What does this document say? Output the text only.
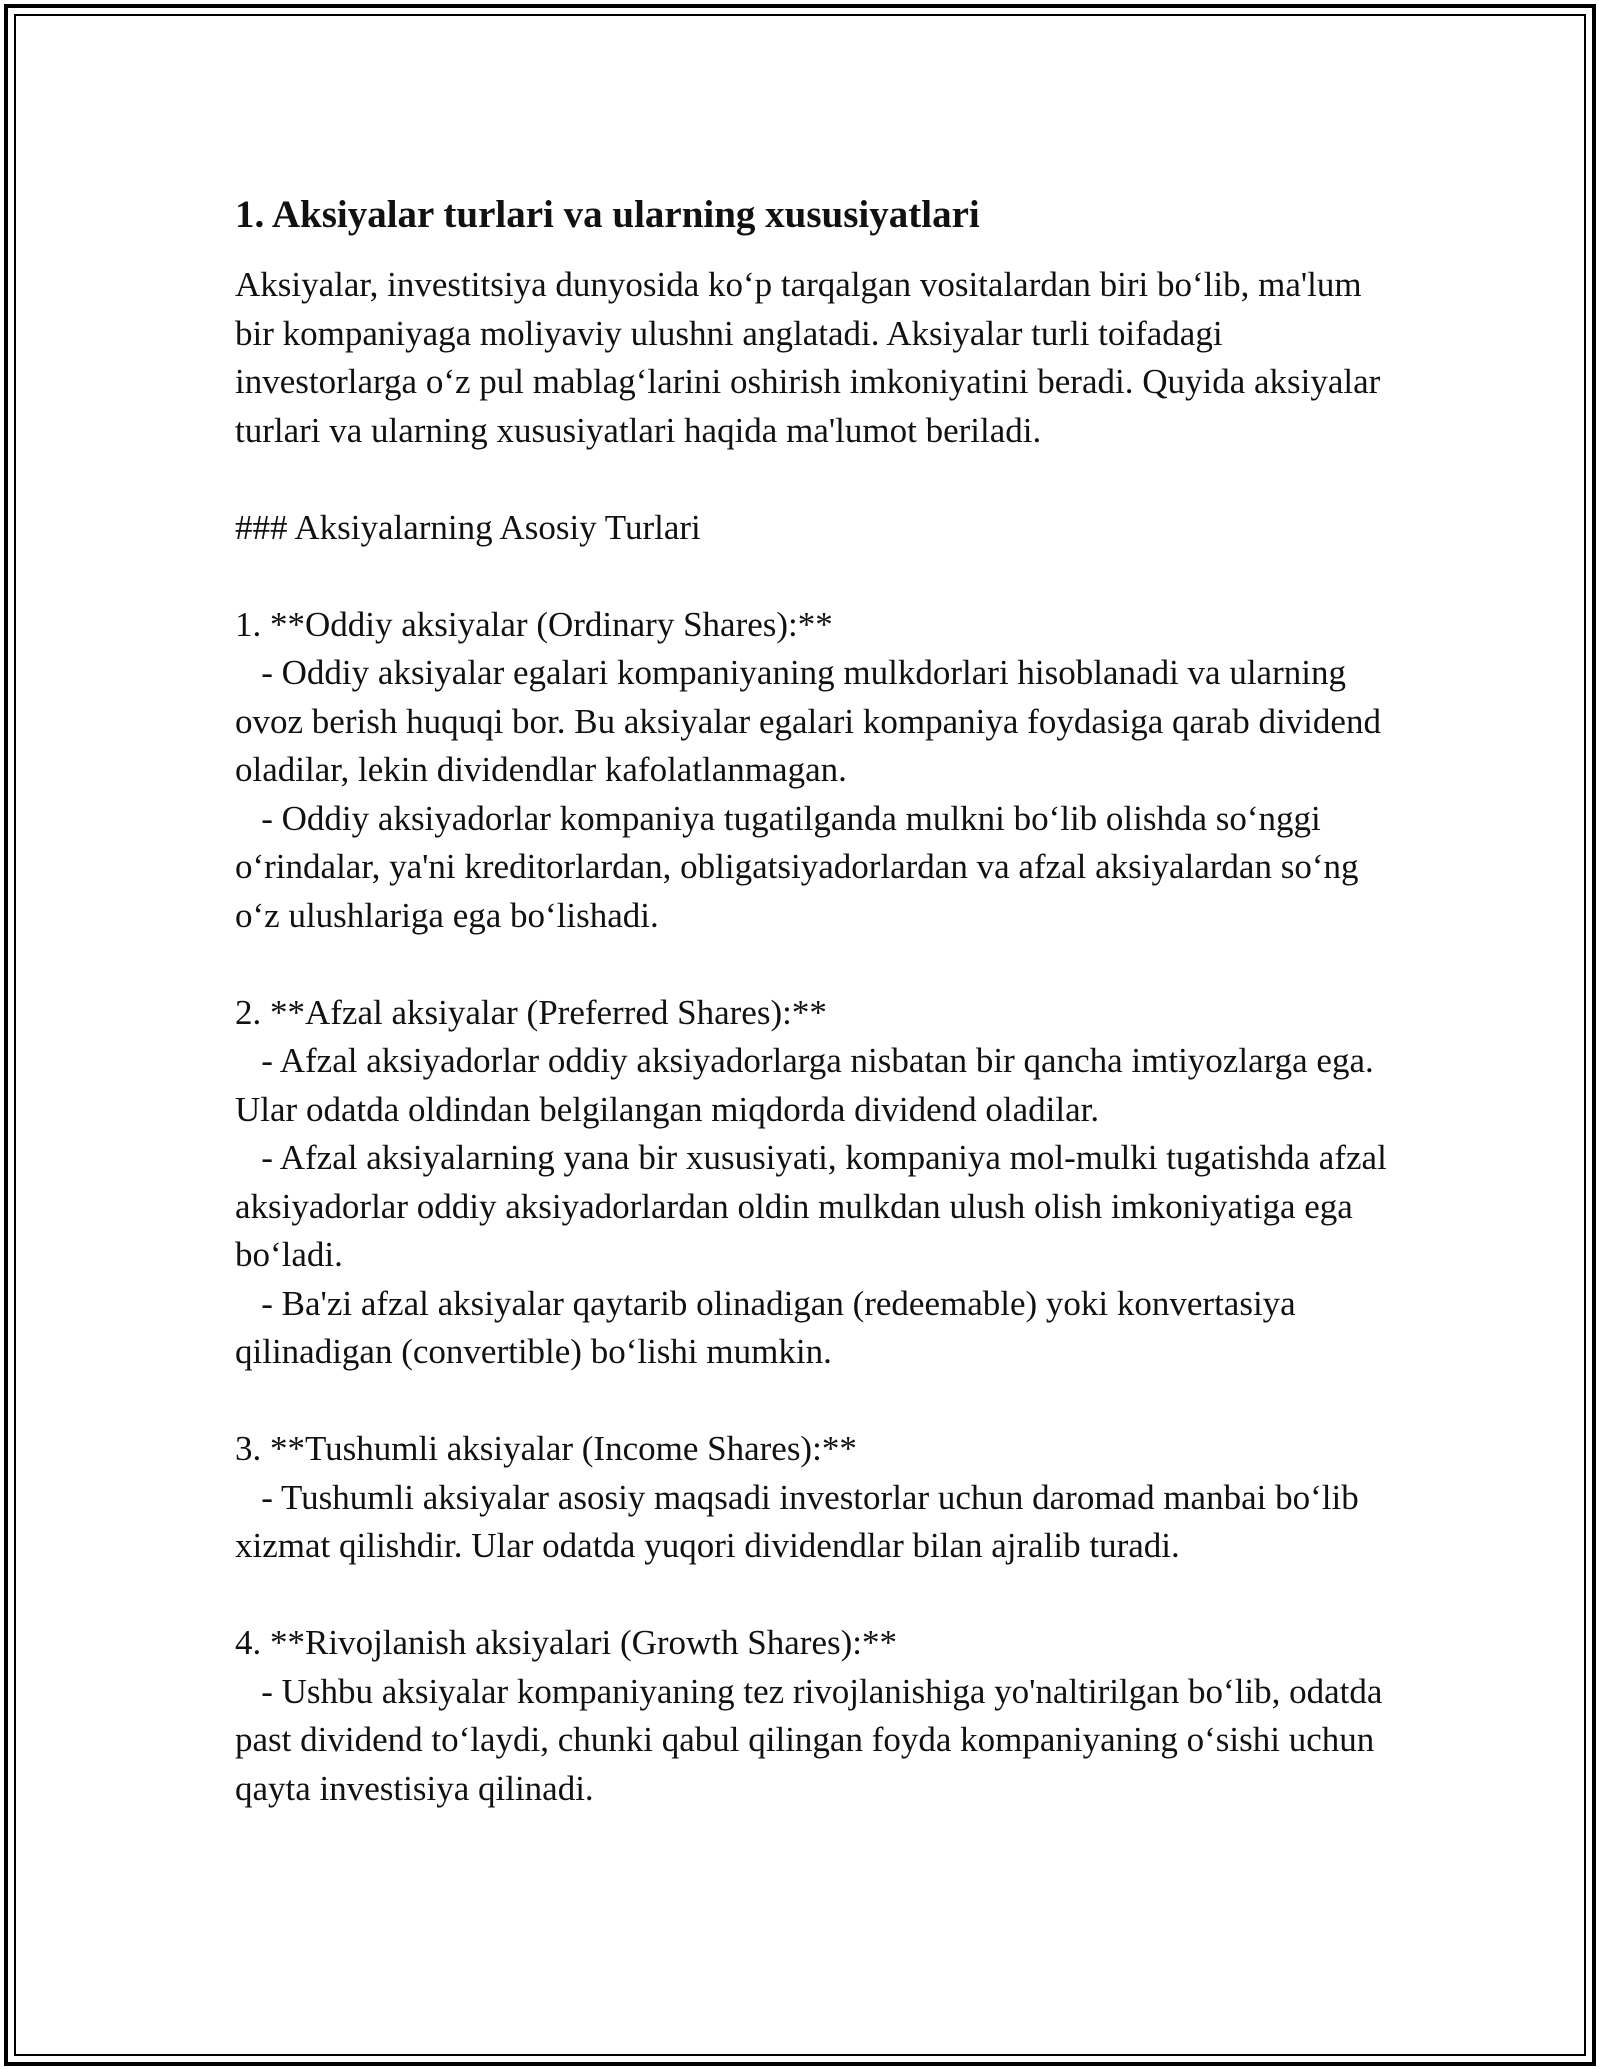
1. Aksiyalar turlari va ularning xususiyatlari

Aksiyalar, investitsiya dunyosida ko‘p tarqalgan vositalardan biri bo‘lib, ma'lum bir kompaniyaga moliyaviy ulushni anglatadi. Aksiyalar turli toifadagi investorlarga o‘z pul mablag‘larini oshirish imkoniyatini beradi. Quyida aksiyalar turlari va ularning xususiyatlari haqida ma'lumot beriladi.

### Aksiyalarning Asosiy Turlari

1. **Oddiy aksiyalar (Ordinary Shares):**

- Oddiy aksiyalar egalari kompaniyaning mulkdorlari hisoblanadi va ularning ovoz berish huquqi bor. Bu aksiyalar egalari kompaniya foydasiga qarab dividend oladilar, lekin dividendlar kafolatlanmagan.

- Oddiy aksiyadorlar kompaniya tugatilganda mulkni bo‘lib olishda so‘nggi o‘rindalar, ya'ni kreditorlardan, obligatsiyadorlardan va afzal aksiyalardan so‘ng o‘z ulushlariga ega bo‘lishadi.

2. **Afzal aksiyalar (Preferred Shares):**

- Afzal aksiyadorlar oddiy aksiyadorlarga nisbatan bir qancha imtiyozlarga ega. Ular odatda oldindan belgilangan miqdorda dividend oladilar.

- Afzal aksiyalarning yana bir xususiyati, kompaniya mol-mulki tugatishda afzal aksiyadorlar oddiy aksiyadorlardan oldin mulkdan ulush olish imkoniyatiga ega bo‘ladi.

- Ba'zi afzal aksiyalar qaytarib olinadigan (redeemable) yoki konvertasiya qilinadigan (convertible) bo‘lishi mumkin.

3. **Tushumli aksiyalar (Income Shares):**

- Tushumli aksiyalar asosiy maqsadi investorlar uchun daromad manbai bo‘lib xizmat qilishdir. Ular odatda yuqori dividendlar bilan ajralib turadi.

4. **Rivojlanish aksiyalari (Growth Shares):**

- Ushbu aksiyalar kompaniyaning tez rivojlanishiga yo'naltirilgan bo‘lib, odatda past dividend to‘laydi, chunki qabul qilingan foyda kompaniyaning o‘sishi uchun qayta investisiya qilinadi.
